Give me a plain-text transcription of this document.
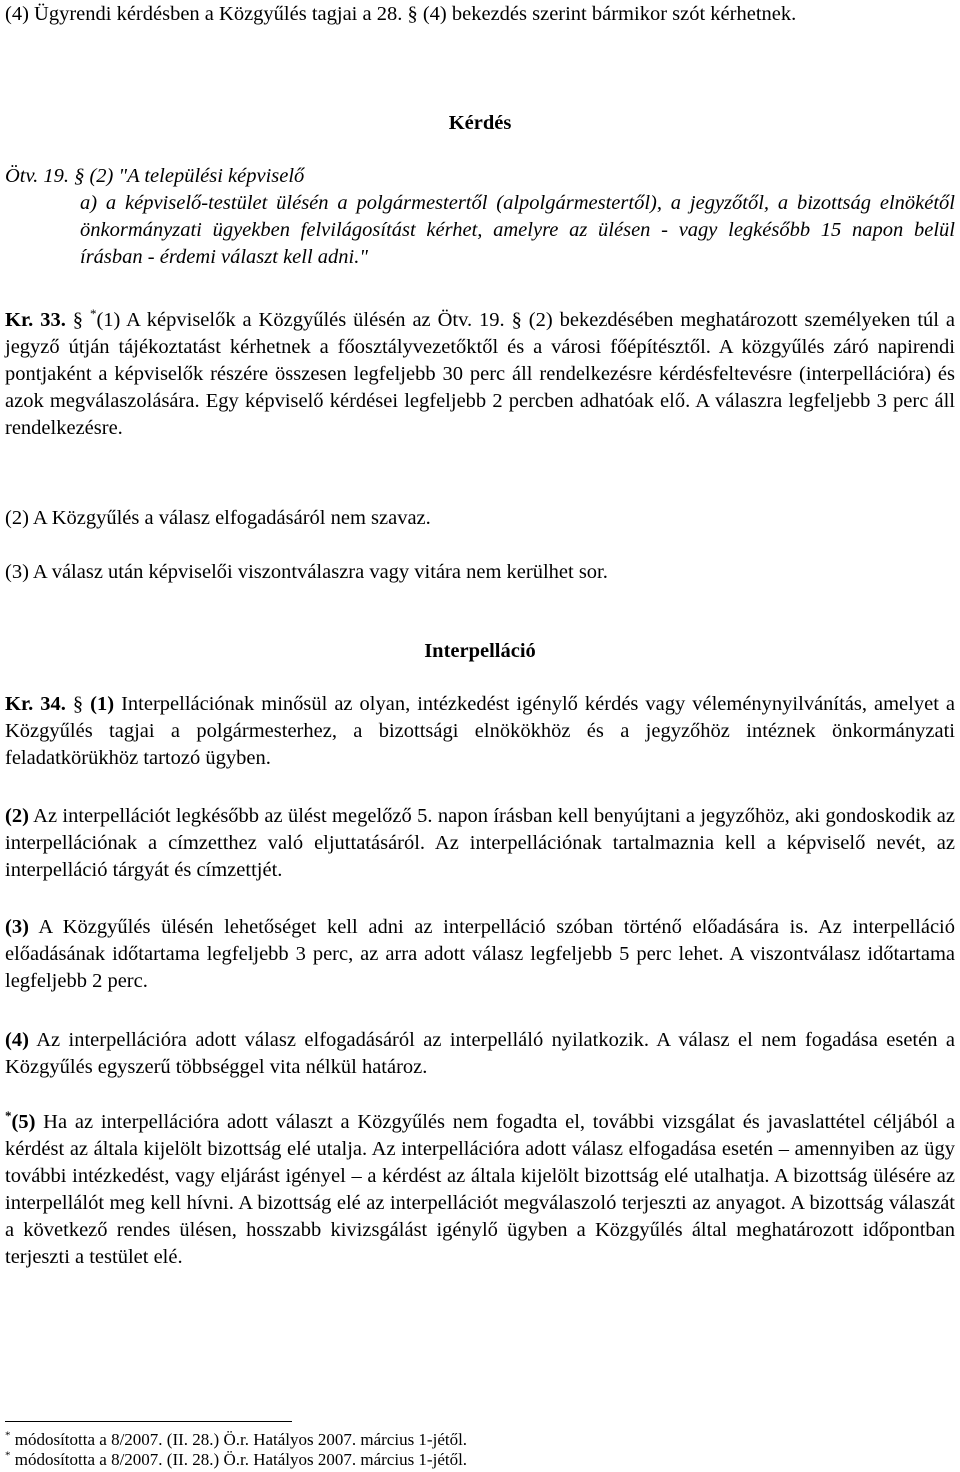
(4) Ügyrendi kérdésben a Közgyűlés tagjai a 28. § (4) bekezdés szerint bármikor szót kérhetnek.

Kérdés

Ötv. 19. § (2) "A települési képviselő

a) a képviselő-testület ülésén a polgármestertől (alpolgármestertől), a jegyzőtől, a bizottság elnökétől önkormányzati ügyekben felvilágosítást kérhet, amelyre az ülésen - vagy legkésőbb 15 napon belül írásban - érdemi választ kell adni."

Kr. 33. § *(1) A képviselők a Közgyűlés ülésén az Ötv. 19. § (2) bekezdésében meghatározott személyeken túl a jegyző útján tájékoztatást kérhetnek a főosztályvezetőktől és a városi főépítésztől. A közgyűlés záró napirendi pontjaként a képviselők részére összesen legfeljebb 30 perc áll rendelkezésre kérdésfeltevésre (interpellációra) és azok megválaszolására. Egy képviselő kérdései legfeljebb 2 percben adhatóak elő. A válaszra legfeljebb 3 perc áll rendelkezésre.

(2) A Közgyűlés a válasz elfogadásáról nem szavaz.

(3) A válasz után képviselői viszontválaszra vagy vitára nem kerülhet sor.

Interpelláció

Kr. 34. § (1) Interpellációnak minősül az olyan, intézkedést igénylő kérdés vagy véleménynyilvánítás, amelyet a Közgyűlés tagjai a polgármesterhez, a bizottsági elnökökhöz és a jegyzőhöz intéznek önkormányzati feladatkörükhöz tartozó ügyben.

(2) Az interpellációt legkésőbb az ülést megelőző 5. napon írásban kell benyújtani a jegyzőhöz, aki gondoskodik az interpellációnak a címzetthez való eljuttatásáról. Az interpellációnak tartalmaznia kell a képviselő nevét, az interpelláció tárgyát és címzettjét.

(3) A Közgyűlés ülésén lehetőséget kell adni az interpelláció szóban történő előadására is. Az interpelláció előadásának időtartama legfeljebb 3 perc, az arra adott válasz legfeljebb 5 perc lehet. A viszontválasz időtartama legfeljebb 2 perc.

(4) Az interpellációra adott válasz elfogadásáról az interpelláló nyilatkozik. A válasz el nem fogadása esetén a Közgyűlés egyszerű többséggel vita nélkül határoz.

*(5) Ha az interpellációra adott választ a Közgyűlés nem fogadta el, további vizsgálat és javaslattétel céljából a kérdést az általa kijelölt bizottság elé utalja. Az interpellációra adott válasz elfogadása esetén – amennyiben az ügy további intézkedést, vagy eljárást igényel – a kérdést az általa kijelölt bizottság elé utalhatja. A bizottság ülésére az interpellálót meg kell hívni. A bizottság elé az interpellációt megválaszoló terjeszti az anyagot. A bizottság válaszát a következő rendes ülésen, hosszabb kivizsgálást igénylő ügyben a Közgyűlés által meghatározott időpontban terjeszti a testület elé.

* módosította a 8/2007. (II. 28.) Ö.r. Hatályos 2007. március 1-jétől.
* módosította a 8/2007. (II. 28.) Ö.r. Hatályos 2007. március 1-jétől.
